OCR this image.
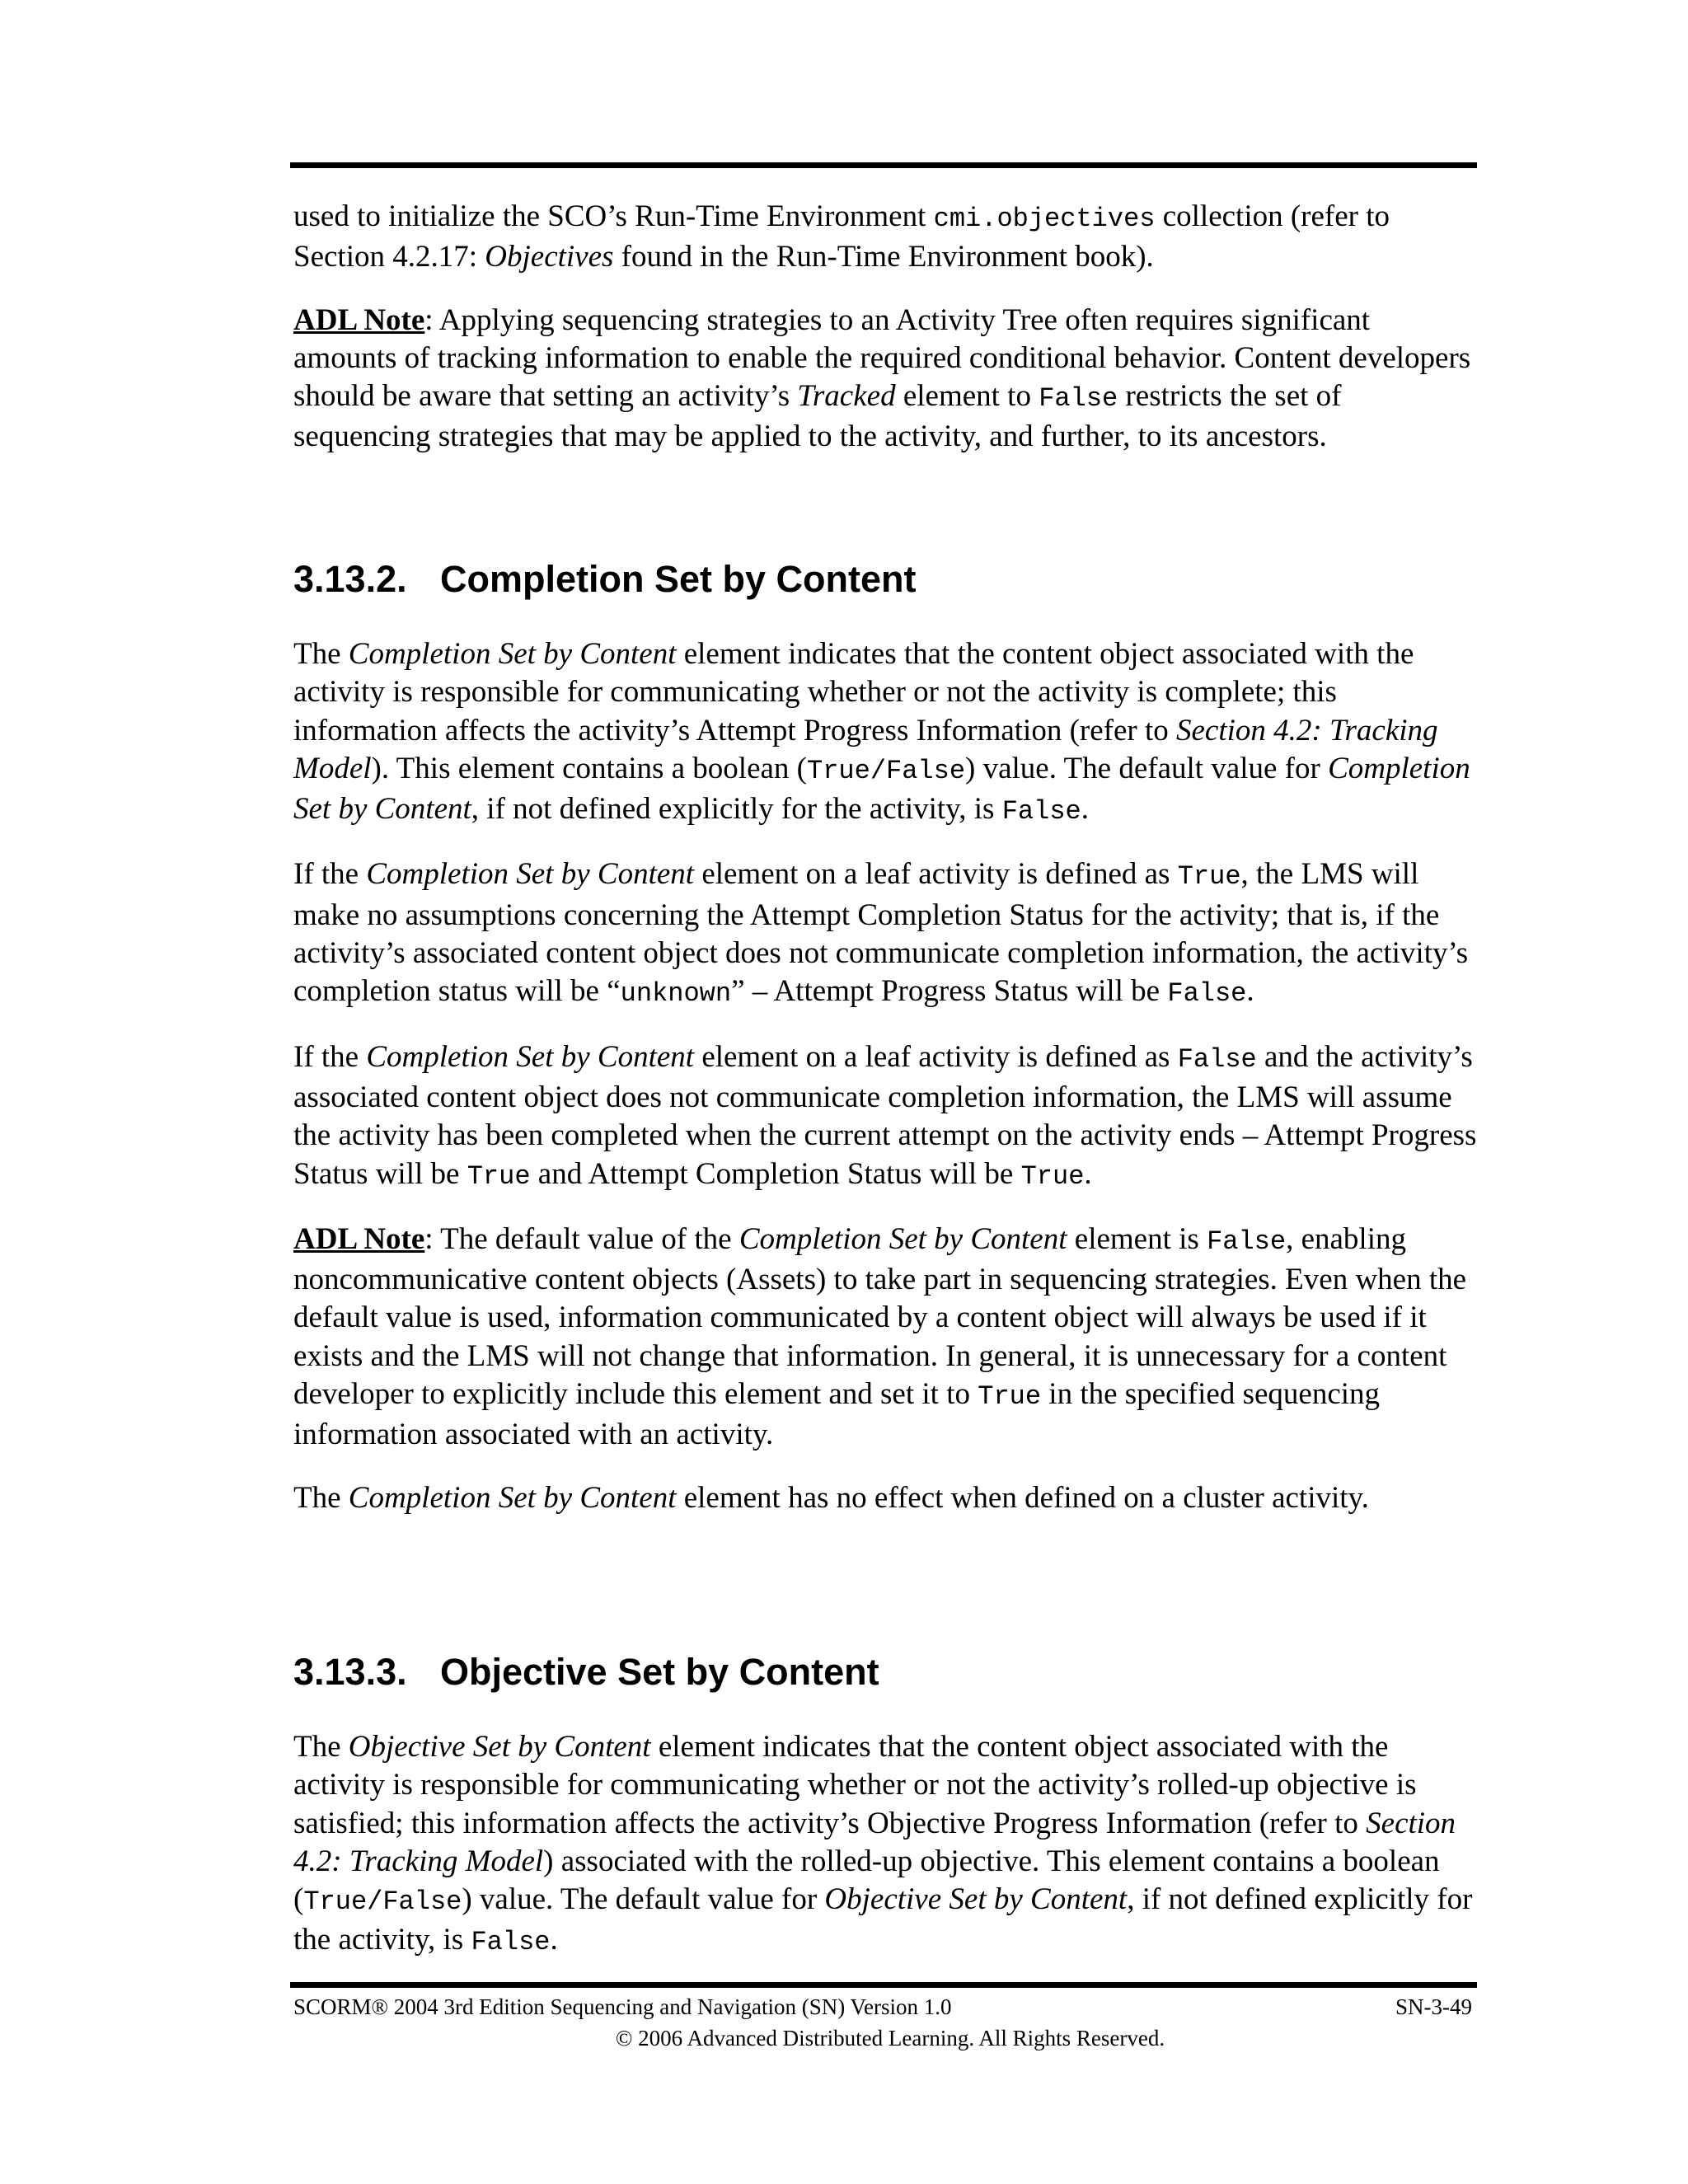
used to initialize the SCO’s Run-Time Environment cmi.objectives collection (refer to Section 4.2.17: Objectives found in the Run-Time Environment book).

ADL Note: Applying sequencing strategies to an Activity Tree often requires significant amounts of tracking information to enable the required conditional behavior. Content developers should be aware that setting an activity’s Tracked element to False restricts the set of sequencing strategies that may be applied to the activity, and further, to its ancestors.

3.13.2. Completion Set by Content

The Completion Set by Content element indicates that the content object associated with the activity is responsible for communicating whether or not the activity is complete; this information affects the activity’s Attempt Progress Information (refer to Section 4.2: Tracking Model). This element contains a boolean (True/False) value. The default value for Completion Set by Content, if not defined explicitly for the activity, is False.

If the Completion Set by Content element on a leaf activity is defined as True, the LMS will make no assumptions concerning the Attempt Completion Status for the activity; that is, if the activity’s associated content object does not communicate completion information, the activity’s completion status will be “unknown” – Attempt Progress Status will be False.

If the Completion Set by Content element on a leaf activity is defined as False and the activity’s associated content object does not communicate completion information, the LMS will assume the activity has been completed when the current attempt on the activity ends – Attempt Progress Status will be True and Attempt Completion Status will be True.

ADL Note: The default value of the Completion Set by Content element is False, enabling noncommunicative content objects (Assets) to take part in sequencing strategies. Even when the default value is used, information communicated by a content object will always be used if it exists and the LMS will not change that information. In general, it is unnecessary for a content developer to explicitly include this element and set it to True in the specified sequencing information associated with an activity.

The Completion Set by Content element has no effect when defined on a cluster activity.

3.13.3. Objective Set by Content

The Objective Set by Content element indicates that the content object associated with the activity is responsible for communicating whether or not the activity’s rolled-up objective is satisfied; this information affects the activity’s Objective Progress Information (refer to Section 4.2: Tracking Model) associated with the rolled-up objective. This element contains a boolean (True/False) value. The default value for Objective Set by Content, if not defined explicitly for the activity, is False.

SCORM® 2004 3rd Edition Sequencing and Navigation (SN) Version 1.0	SN-3-49
© 2006 Advanced Distributed Learning. All Rights Reserved.
